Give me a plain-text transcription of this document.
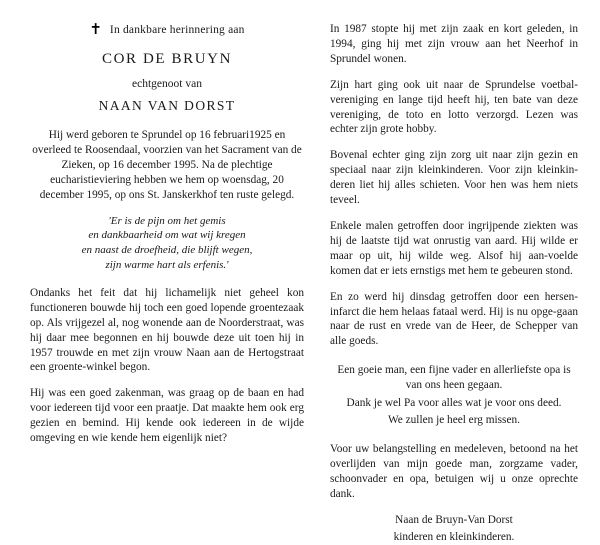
✝ In dankbare herinnering aan
COR DE BRUYN
echtgenoot van
NAAN VAN DORST

Hij werd geboren te Sprundel op 16 februari1925 en overleed te Roosendaal, voorzien van het Sacrament van de Zieken, op 16 december 1995. Na de plechtige eucharistieviering hebben we hem op woensdag, 20 december 1995, op ons St. Janskerkhof ten ruste gelegd.

'Er is de pijn om het gemis
en dankbaarheid om wat wij kregen
en naast de droefheid, die blijft wegen,
zijn warme hart als erfenis.'

Ondanks het feit dat hij lichamelijk niet geheel kon functioneren bouwde hij toch een goed lopende groentezaak op. Als vrijgezel al, nog wonende aan de Noorderstraat, was hij daar mee begonnen en hij bouwde deze uit toen hij in 1957 trouwde en met zijn vrouw Naan aan de Hertogstraat een groente-winkel begon.

Hij was een goed zakenman, was graag op de baan en had voor iedereen tijd voor een praatje. Dat maakte hem ook erg gezien en bemind. Hij kende ook iedereen in de wijde omgeving en wie kende hem eigenlijk niet?

In 1987 stopte hij met zijn zaak en kort geleden, in 1994, ging hij met zijn vrouw aan het Neerhof in Sprundel wonen.

Zijn hart ging ook uit naar de Sprundelse voetbal-vereniging en lange tijd heeft hij, ten bate van deze vereniging, de toto en lotto verzorgd. Lezen was echter zijn grote hobby.

Bovenal echter ging zijn zorg uit naar zijn gezin en speciaal naar zijn kleinkinderen. Voor zijn kleinkin-deren liet hij alles schieten. Voor hen was hem niets teveel.

Enkele malen getroffen door ingrijpende ziekten was hij de laatste tijd wat onrustig van aard. Hij wilde er maar op uit, hij wilde weg. Alsof hij aan-voelde komen dat er iets ernstigs met hem te gebeuren stond.

En zo werd hij dinsdag getroffen door een hersen-infarct die hem helaas fataal werd. Hij is nu opge-gaan naar de rust en vrede van de Heer, de Schepper van alle goeds.

Een goeie man, een fijne vader en allerliefste opa is van ons heen gegaan.
Dank je wel Pa voor alles wat je voor ons deed.
We zullen je heel erg missen.

Voor uw belangstelling en medeleven, betoond na het overlijden van mijn goede man, zorgzame vader, schoonvader en opa, betuigen wij u onze oprechte dank.

Naan de Bruyn-Van Dorst
kinderen en kleinkinderen.
